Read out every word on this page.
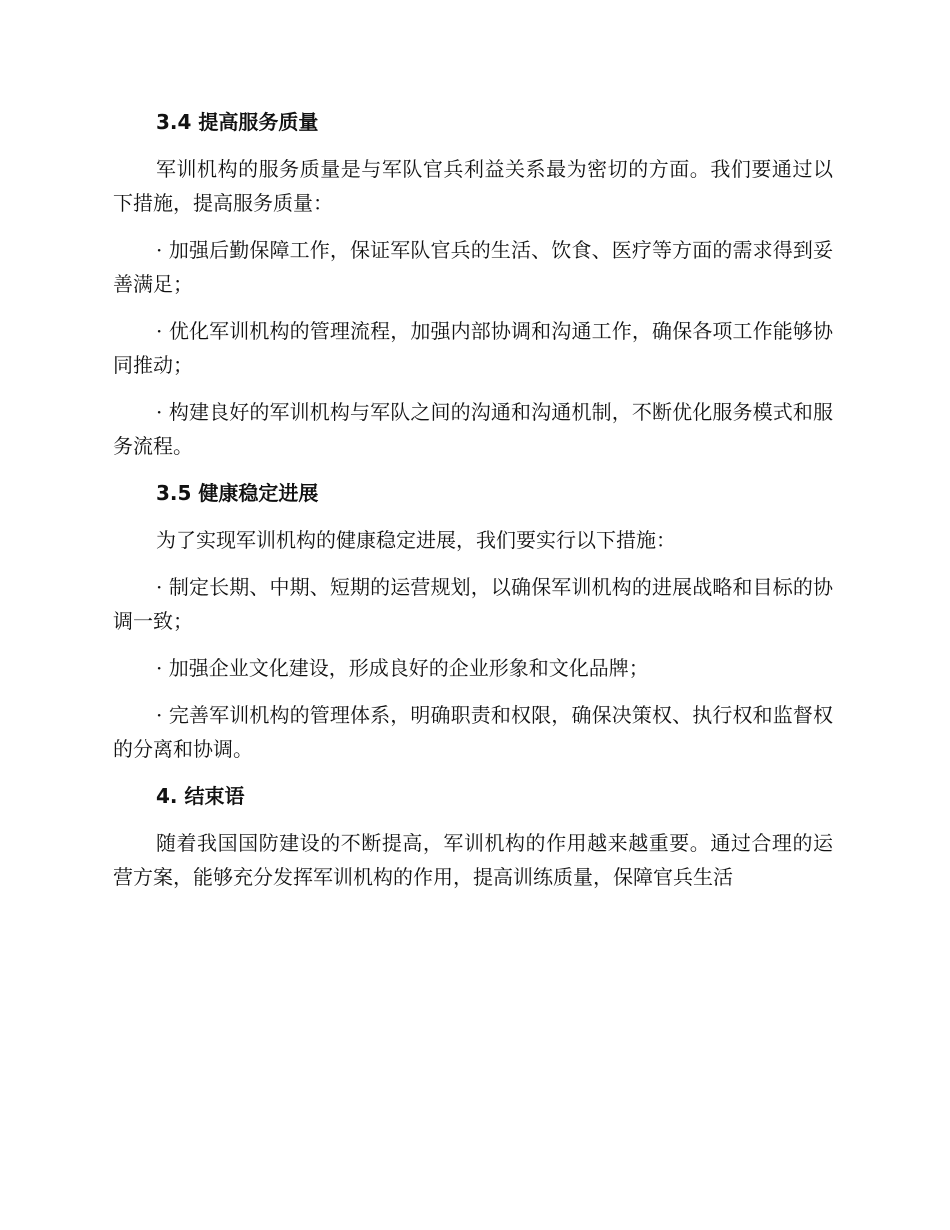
3.4 提高服务质量

军训机构的服务质量是与军队官兵利益关系最为密切的方面。我们要通过以下措施，提高服务质量：

· 加强后勤保障工作，保证军队官兵的生活、饮食、医疗等方面的需求得到妥善满足；

· 优化军训机构的管理流程，加强内部协调和沟通工作，确保各项工作能够协同推动；

· 构建良好的军训机构与军队之间的沟通和沟通机制，不断优化服务模式和服务流程。

3.5 健康稳定进展

为了实现军训机构的健康稳定进展，我们要实行以下措施：

· 制定长期、中期、短期的运营规划，以确保军训机构的进展战略和目标的协调一致；

· 加强企业文化建设，形成良好的企业形象和文化品牌；

· 完善军训机构的管理体系，明确职责和权限，确保决策权、执行权和监督权的分离和协调。

4. 结束语

随着我国国防建设的不断提高，军训机构的作用越来越重要。通过合理的运营方案，能够充分发挥军训机构的作用，提高训练质量，保障官兵生活
